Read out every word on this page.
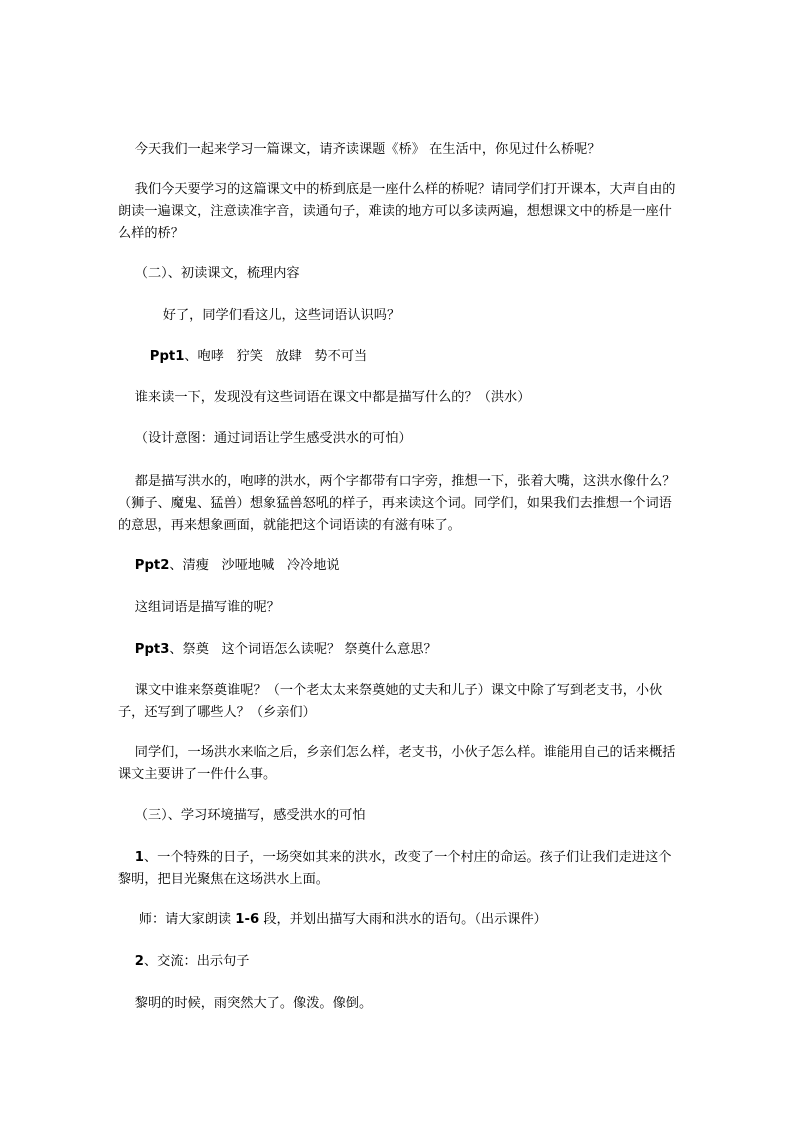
今天我们一起来学习一篇课文，请齐读课题《桥》 在生活中，你见过什么桥呢？

我们今天要学习的这篇课文中的桥到底是一座什么样的桥呢？请同学们打开课本，大声自由的朗读一遍课文，注意读准字音，读通句子，难读的地方可以多读两遍，想想课文中的桥是一座什么样的桥？

（二）、初读课文，梳理内容

好了，同学们看这儿，这些词语认识吗？

Ppt1、咆哮   狞笑   放肆   势不可当

谁来读一下，发现没有这些词语在课文中都是描写什么的？（洪水）

（设计意图：通过词语让学生感受洪水的可怕）

都是描写洪水的，咆哮的洪水，两个字都带有口字旁，推想一下，张着大嘴，这洪水像什么？（狮子、魔鬼、猛兽）想象猛兽怒吼的样子，再来读这个词。同学们，如果我们去推想一个词语的意思，再来想象画面，就能把这个词语读的有滋有味了。

Ppt2、清瘦   沙哑地喊   冷冷地说

这组词语是描写谁的呢？

Ppt3、祭奠   这个词语怎么读呢？ 祭奠什么意思？

课文中谁来祭奠谁呢？（一个老太太来祭奠她的丈夫和儿子）课文中除了写到老支书，小伙子，还写到了哪些人？（乡亲们）

同学们，一场洪水来临之后，乡亲们怎么样，老支书，小伙子怎么样。谁能用自己的话来概括课文主要讲了一件什么事。

（三）、学习环境描写，感受洪水的可怕

1、一个特殊的日子，一场突如其来的洪水，改变了一个村庄的命运。孩子们让我们走进这个黎明，把目光聚焦在这场洪水上面。

师：请大家朗读 1-6 段，并划出描写大雨和洪水的语句。（出示课件）

2、交流：出示句子

黎明的时候，雨突然大了。像泼。像倒。
